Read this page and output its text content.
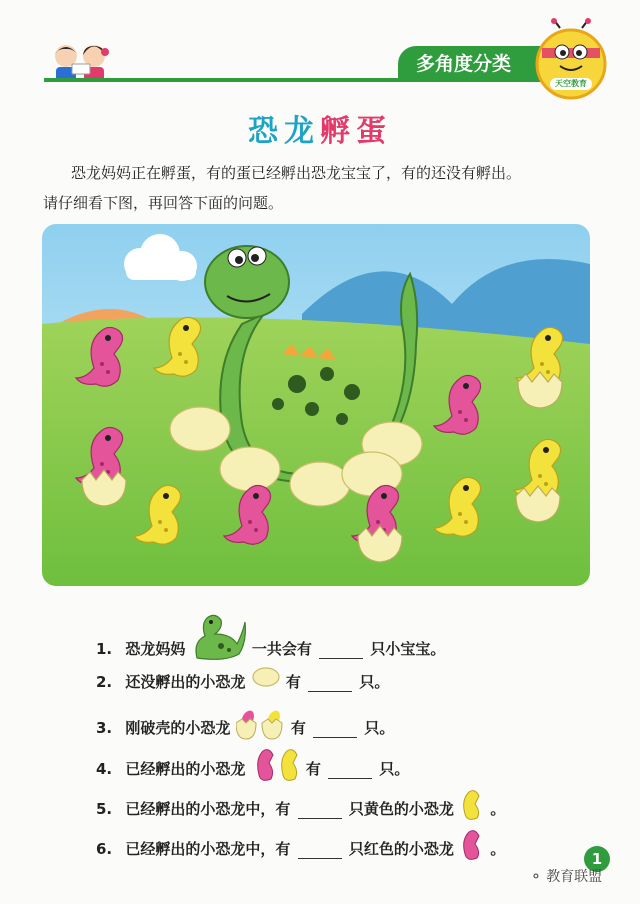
多角度分类
天空教育
恐龙孵蛋

恐龙妈妈正在孵蛋，有的蛋已经孵出恐龙宝宝了，有的还没有孵出。

请仔细看下图，再回答下面的问题。

1. 恐龙妈妈	一共会有	只小宝宝。
2. 还没孵出的小恐龙	有	只。
3. 刚破壳的小恐龙	有	只。
4. 已经孵出的小恐龙	有	只。
5. 已经孵出的小恐龙中，有	只黄色的小恐龙 。
6. 已经孵出的小恐龙中，有	只红色的小恐龙 。
1
⚬ 教育联盟
